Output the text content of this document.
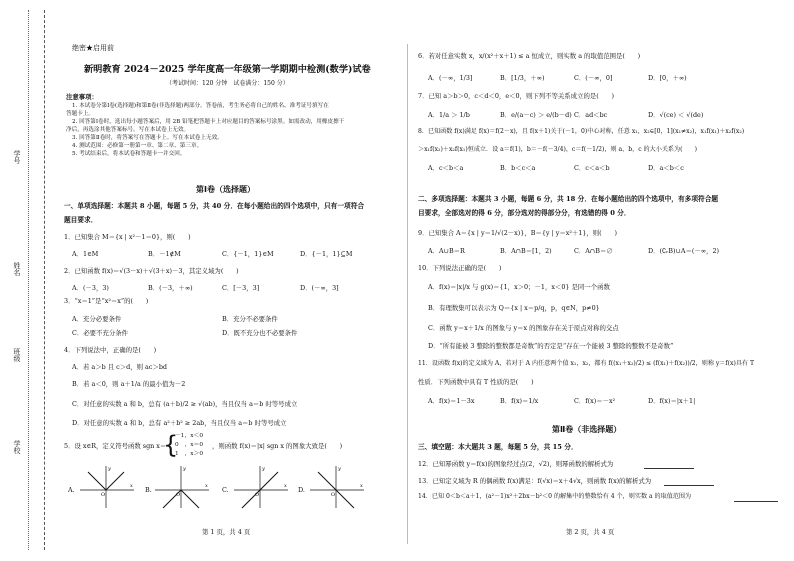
学号
姓名
班级
学校
绝密★启用前
新明教育 2024－2025 学年度高一年级第一学期期中检测(数学)试卷
（考试时间：120 分钟　试卷满分：150 分）
注意事项：
1. 本试卷分第Ⅰ卷(选择题)和第Ⅱ卷(非选择题)两部分。答卷前，考生务必将自己的姓名、准考证号填写在
答题卡上。
2. 回答第Ⅰ卷时，选出每小题答案后，用 2B 铅笔把答题卡上对应题目的答案标号涂黑。如需改动，用橡皮擦干
净后，再选涂其他答案标号。写在本试卷上无效。
3. 回答第Ⅱ卷时，将答案写在答题卡上。写在本试卷上无效。
4. 测试范围：必修第一册第一章、第二章、第三章。
5. 考试结束后，将本试卷和答题卡一并交回。
第Ⅰ卷（选择题）
一、单项选择题：本题共 8 小题，每题 5 分，共 40 分．在每小题给出的四个选项中，只有一项符合
题目要求．
1．已知集合 M＝{x | x²－1＝0}，则(　　)
A．1∈M	B．－1∉M	C．{－1，1}∈M	D．{－1，1}⊆M
2．已知函数 f(x)＝√(3－x)＋√(3＋x)－3，其定义域为(　　)
A．(－3，3)	B．(－3，＋∞)	C．[－3，3]	D．(－∞，3]
3．“x＝1”是“x²＝x”的(　　)
A．充分必要条件	B．充分不必要条件
C．必要不充分条件	D．既不充分也不必要条件
4．下列说法中，正确的是(　　)
A．若 a＞b 且 c＞d，则 ac＞bd
B．若 a＜0，则 a＋1/a 的最小值为－2
C．对任意的实数 a 和 b，总有 (a＋b)/2 ≥ √(ab)，当且仅当 a＝b 时等号成立
D．对任意的实数 a 和 b，总有 a²＋b² ≥ 2ab，当且仅当 a＝b 时等号成立
5．设 x∈R，定义符号函数 sgn x＝
{
－1，x＜0
0　，x＝0
1　，x＞0
，则函数 f(x)＝|x| sgn x 的图象大致是(　　)
A.	x
y
O
B.	x
y
O
C.	x
y
O
D.	x
y
O
第 1 页，共 4 页
6．若对任意实数 x，x/(x²＋x＋1) ≤ a 恒成立，则实数 a 的取值范围是(　　)
A．(－∞，1/3]	B．[1/3，＋∞)	C．(－∞，0]	D．[0，＋∞)
7．已知 a＞b＞0，c＜d＜0，e＜0，则下列不等关系成立的是(　　)
A．1/a ＞ 1/b	B．e/(a－c) ＞ e/(b－d) C．ad＜bc	D．√(ce) ＜ √(de)
8．已知函数 f(x)满足 f(x)＝f(2－x)，且 f(x＋1)关于(－1，0)中心对称，任意 x₁，x₂∈[0，1](x₁≠x₂)，x₁f(x₁)＋x₂f(x₂)
＞x₁f(x₂)＋x₂f(x₁)恒成立．设 a＝f(1)，b＝－f(－3/4)，c＝f(－1/2)，则 a，b，c 的大小关系为(　　)
A．c＜b＜a	B．b＜c＜a	C．c＜a＜b	D．a＜b＜c
二、多项选择题：本题共 3 小题，每题 6 分，共 18 分．在每小题给出的四个选项中，有多项符合题
目要求，全部选对的得 6 分，部分选对的得部分分，有选错的得 0 分．
9．已知集合 A＝{x | y＝1/√(2－x)}，B＝{y | y＝x²＋1}，则(　　)
A．A∪B＝R	B．A∩B＝[1，2)	C．A∩B＝∅	D．(∁ᵣB)∪A＝(－∞，2)
10．下列说法正确的是(　　)
A．f(x)＝|x|/x 与 g(x)＝{1，x＞0；－1，x＜0} 是同一个函数
B．有理数集可以表示为 Q＝{x | x＝p/q，p，q∈N，p≠0}
C．函数 y＝x＋1/x 的图象与 y＝x 的图象存在关于原点对称的交点
D．“所有能被 3 整除的整数都是奇数”的否定是“存在一个能被 3 整除的整数不是奇数”
11．设函数 f(x)的定义域为 A，若对于 A 内任意两个值 x₁，x₂，都有 f((x₁＋x₂)/2) ≤ (f(x₁)＋f(x₂))/2，则称 y＝f(x)具有 T
性质．下列函数中具有 T 性质的是(　　)
A．f(x)＝1－3x	B．f(x)＝1/x	C．f(x)＝－x²	D．f(x)＝|x＋1|
第Ⅱ卷（非选择题）
三、填空题：本大题共 3 题，每题 5 分，共 15 分．
12．已知幂函数 y＝f(x)的图象经过点(2，√2)，则幂函数的解析式为
13．已知定义域为 R 的偶函数 f(x)满足：f(√x)＝x＋4√x，则函数 f(x)的解析式为
14．已知 0＜b＜a＋1，(a²－1)x²＋2bx－b²＜0 的解集中的整数恰有 4 个，则实数 a 的取值范围为
第 2 页，共 4 页
